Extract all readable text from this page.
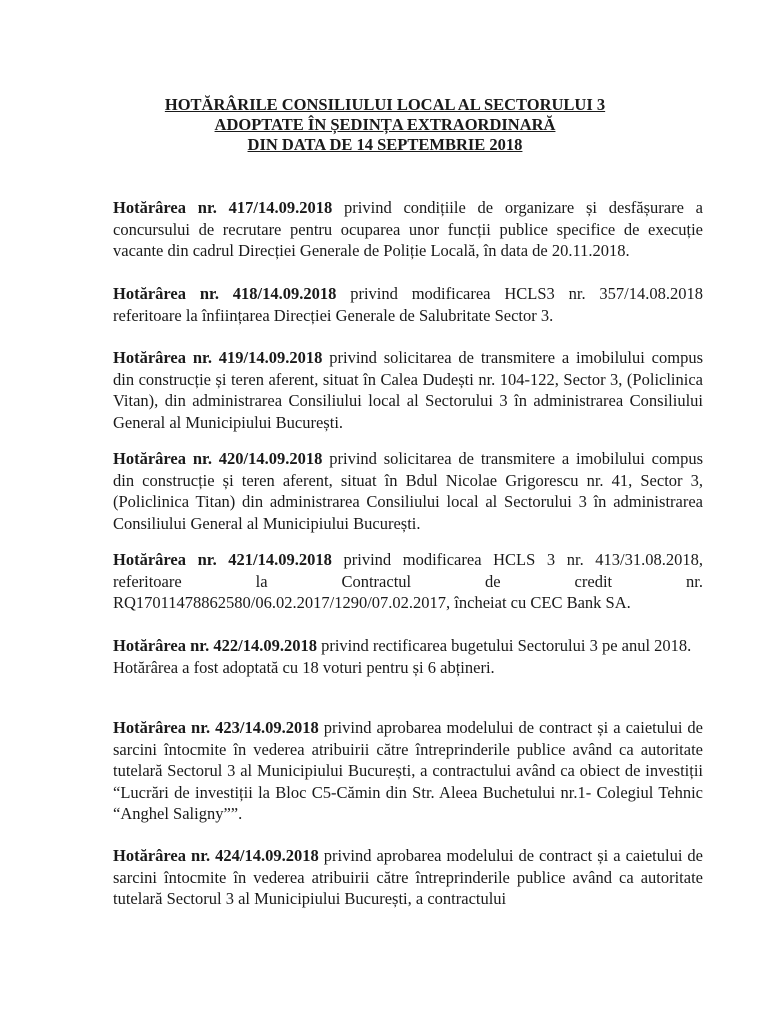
HOTĂRÂRILE CONSILIULUI LOCAL AL SECTORULUI 3
ADOPTATE ÎN ȘEDINȚA EXTRAORDINARĂ
DIN DATA DE 14 SEPTEMBRIE 2018
Hotărârea nr. 417/14.09.2018 privind condițiile de organizare și desfășurare a concursului de recrutare pentru ocuparea unor funcții publice specifice de execuție vacante din cadrul Direcției Generale de Poliție Locală, în data de 20.11.2018.
Hotărârea nr. 418/14.09.2018 privind modificarea HCLS3 nr. 357/14.08.2018 referitoare la înființarea Direcției Generale de Salubritate Sector 3.
Hotărârea nr. 419/14.09.2018 privind solicitarea de transmitere a imobilului compus din construcție și teren aferent, situat în Calea Dudești nr. 104-122, Sector 3, (Policlinica Vitan), din administrarea Consiliului local al Sectorului 3 în administrarea Consiliului General al Municipiului București.
Hotărârea nr. 420/14.09.2018 privind solicitarea de transmitere a imobilului compus din construcție și teren aferent, situat în Bdul Nicolae Grigorescu nr. 41, Sector 3, (Policlinica Titan) din administrarea Consiliului local al Sectorului 3 în administrarea Consiliului General al Municipiului București.
Hotărârea nr. 421/14.09.2018 privind modificarea HCLS 3 nr. 413/31.08.2018, referitoare la Contractul de credit nr.
RQ17011478862580/06.02.2017/1290/07.02.2017, încheiat cu CEC Bank SA.
Hotărârea nr. 422/14.09.2018 privind rectificarea bugetului Sectorului 3 pe anul 2018.
Hotărârea a fost adoptată cu 18 voturi pentru și 6 abțineri.
Hotărârea nr. 423/14.09.2018 privind aprobarea modelului de contract și a caietului de sarcini întocmite în vederea atribuirii către întreprinderile publice având ca autoritate tutelară Sectorul 3 al Municipiului București, a contractului având ca obiect de investiții “Lucrări de investiții la Bloc C5-Cămin din Str. Aleea Buchetului nr.1- Colegiul Tehnic “Anghel Saligny””.
Hotărârea nr. 424/14.09.2018 privind aprobarea modelului de contract și a caietului de sarcini întocmite în vederea atribuirii către întreprinderile publice având ca autoritate tutelară Sectorul 3 al Municipiului București, a contractului
